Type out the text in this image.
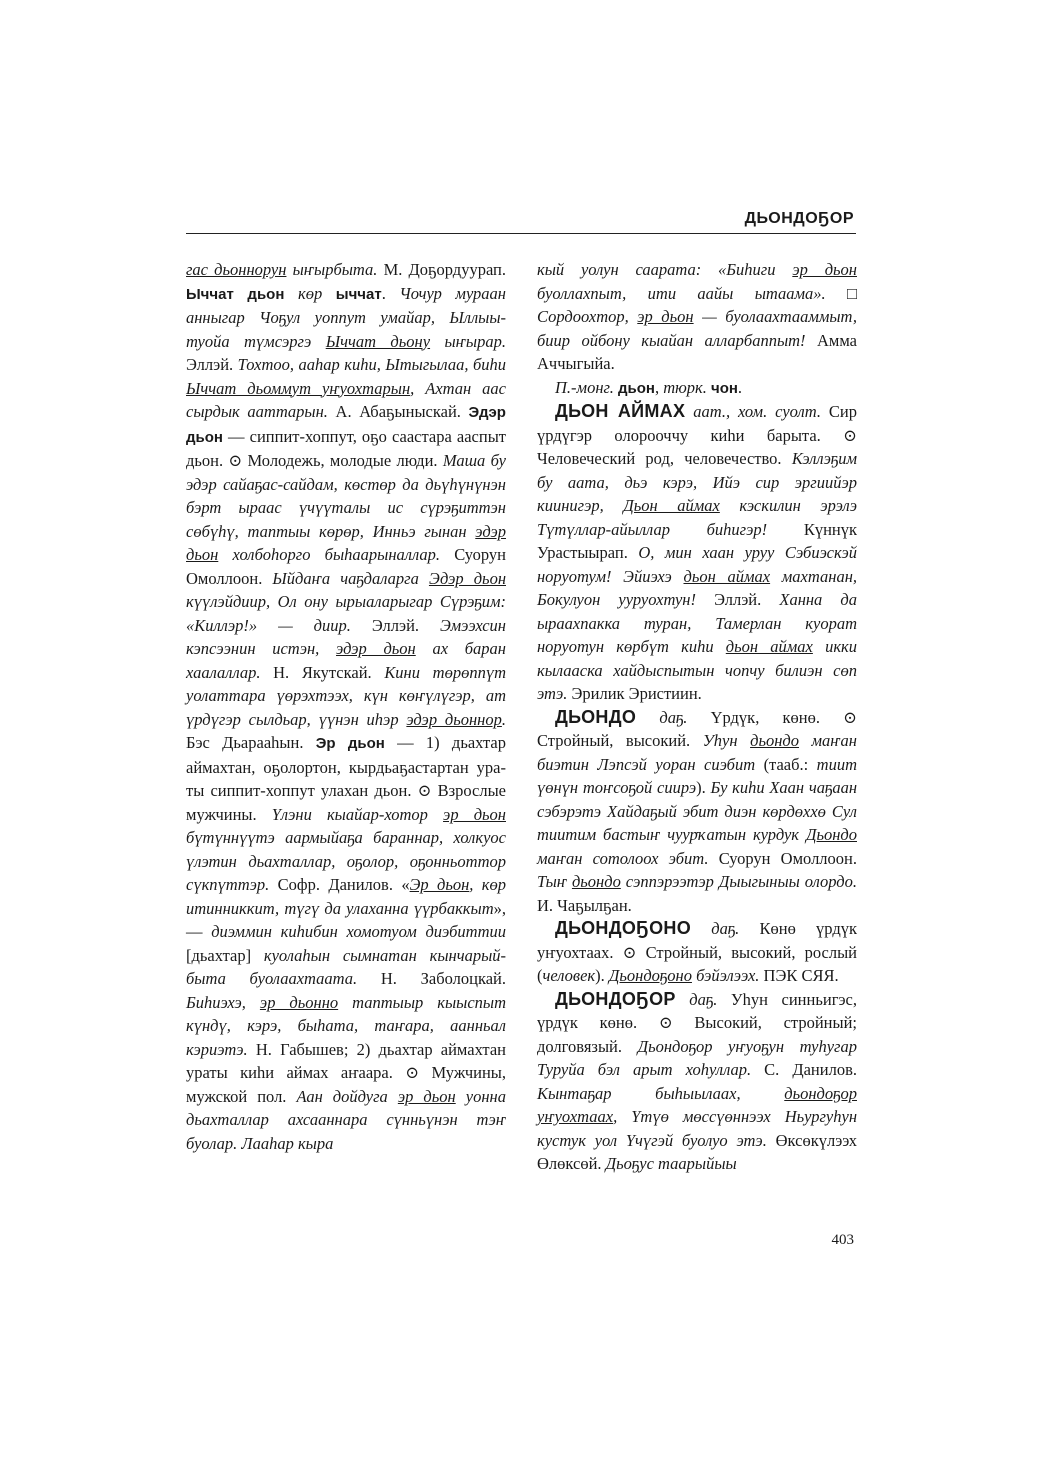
ДЬОНДОҔОР

гас дьоннорун ыҥырбыта. М. Доҕордуурап. Ыччат дьон көр ыччат. Чочур мураан анныгар Чоҕул уоппут умайар, Ыллыы-туойа түмсэргэ Ыччат дьону ыҥырар. Эллэй. Тохтоо, ааһар киһи, Ытыгылаа, биһи Ыччат дьоммут уҥуохтарын, Ахтан аас сырдык ааттарын. А. Абаҕыныскай. Эдэр дьон — сиппит-хоппут, оҕо саастара ааспыт дьон. ⊙ Молодежь, молодые люди. Маша бу эдэр сайаҕас-сайдам, көстөр да дьүһүнүнэн бэрт ыраас үчүүталы ис сүрэҕиттэн сөбүһү, таптыы көрөр, Инньэ гынан эдэр дьон холбоһорго быһаарыналлар. Суорун Омоллоон. Ыйдаҥа чаҕдаларга Эдэр дьон күүлэйдиир, Ол ону ырыаларыгар Сүрэҕим: «Киллэр!» — диир. Эллэй. Эмээхсин кэпсээнин истэн, эдэр дьон ах баран хаалаллар. Н. Якутскай. Кини төрөппүт уолаттара үөрэхтээх, күн көҥүлүгэр, ат үрдүгэр сылдьар, үүнэн иһэр эдэр дьоннор. Бэс Дьарааһын. Эр дьон — 1) дьахтар аймахтан, оҕолортон, кырдьаҕастартан ураты сиппит-хоппут улахан дьон. ⊙ Взрослые мужчины. Үлэни кыайар-хотор эр дьон бүтүннүүтэ аармыйаҕа бараннар, холкуос үлэтин дьахталлар, оҕолор, оҕонньоттор сүкпүттэр. Софр. Данилов. «Эр дьон, көр итинниккит, түгү да улаханна үүрбаккыт», — диэммин киһибин хомотуом диэбиттии [дьахтар] куолаһын сымнатан кынчарыйбыта буолаахтаата. Н. Заболоцкай. Биһиэхэ, эр дьонно таптыыр кыыспыт күндү, кэрэ, быһата, таҥара, аанньал кэриэтэ. Н. Габышев; 2) дьахтар аймахтан ураты киһи аймах аҥаара. ⊙ Мужчины, мужской пол. Аан дойдуга эр дьон уонна дьахталлар ахсааннара сүнньүнэн тэҥ буолар. Лааһар кыра

кый уолун саарата: «Биһиги эр дьон буоллахпыт, ити аайы ытаама». □ Сордоохтор, эр дьон — буолаахтааммыт, биир ойбону кыайан алларбаппыт! Амма Аччыгыйа.

П.-монг. дьон, тюрк. чон.

ДЬОН АЙМАХ аат., хом. суолт. Сир үрдүгэр олорооччу киһи барыта. ⊙ Человеческий род, человечество. Кэллэҕим бу аата, дьэ кэрэ, Ийэ сир эргиийэр киинигэр, Дьон аймах кэскилин эрэлэ Түтүллар-айыллар биһигэр! Күннүк Урастыырап. О, мин хаан уруу Сэбиэскэй норуотум! Эйиэхэ дьон аймах махтанан, Бокулуон ууруохтун! Эллэй. Ханна да ыраахпакка туран, Тамерлан куорат норуотун көрбүт киһи дьон аймах икки кылааска хайдыспытын чопчу билиэн сөп этэ. Эрилик Эристиин.

ДЬОНДО даҕ. Үрдүк, көнө. ⊙ Стройный, высокий. Уһун дьондо маҥан биэтин Лэпсэй уоран сиэбит (тааб.: тиит үөнүн тоҥсоҕой сиирэ). Бу киһи Хаан чаҕаан сэбэрэтэ Хайдаҕый эбит диэн көрдөххө Сул тиитим бастыҥ чуурҡатын курдук Дьондо маҥан сотолоох эбит. Суорун Омоллоон. Тыҥ дьондо сэппэрээтэр Дыыгыныы олордо. И. Чаҕылҕан.

ДЬОНДОҔОНО даҕ. Көнө үрдүк уҥуохтаах. ⊙ Стройный, высокий, рослый (человек). Дьондоҕоно бэйэлээх. ПЭК СЯЯ.

ДЬОНДОҔОР даҕ. Уһун синньигэс, үрдүк көнө. ⊙ Высокий, стройный; долговязый. Дьондоҕор уҥуоҕун туһугар Туруйа бэл арыт хоһуллар. С. Данилов. Кынтаҕар быһыылаах, дьондоҕор уҥуохтаах, Үтүө мөссүөннээх Ньургуһун кустук уол Үчүгэй буолуо этэ. Өксөкүлээх Өлөксөй. Дьоҕус таарыйыы

403
